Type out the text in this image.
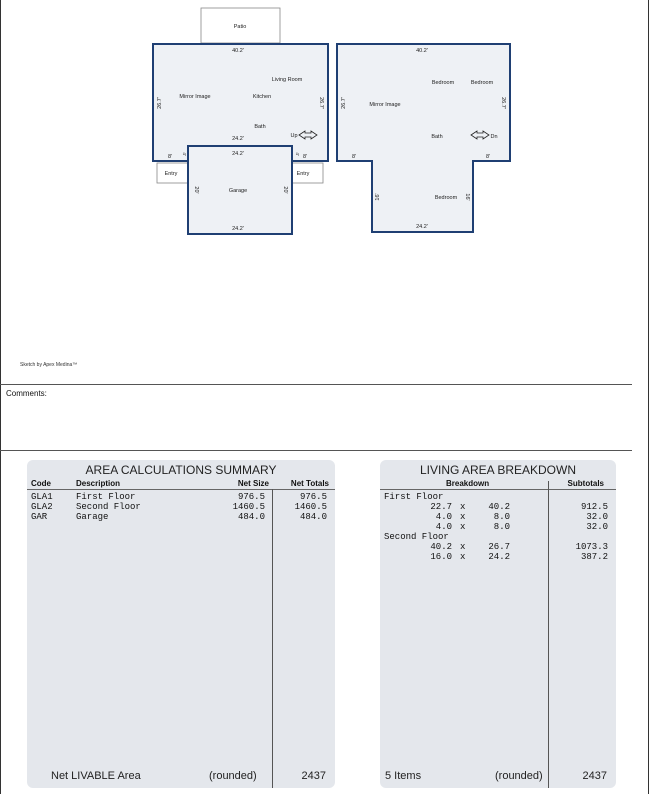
Patio
Living Room
Mirror Image	Kitchen
Bath
Up
Garage
Entry	Entry
Mirror Image
Bedroom	Bedroom
Bath	Dn
Bedroom
40.2'
26.7'	26.7'
24.2'
8' 4'	24.2'	4' 8'
20'	20'
24.2'
40.2'
26.7'	26.7'
8'	8'
16'	16'
24.2'
Sketch by Apex Medina™
Comments:
AREA CALCULATIONS SUMMARY
Code	Description	Net Size	Net Totals
GLA1	First Floor	976.5	976.5
GLA2	Second Floor	1460.5	1460.5
GAR	Garage	484.0	484.0
Net LIVABLE Area	(rounded)	2437
LIVING AREA BREAKDOWN
Breakdown	Subtotals
First Floor
22.7 x	40.2	912.5
4.0 x	8.0	32.0
4.0 x	8.0	32.0
Second Floor
40.2 x	26.7	1073.3
16.0 x	24.2	387.2
5 Items	(rounded)	2437
